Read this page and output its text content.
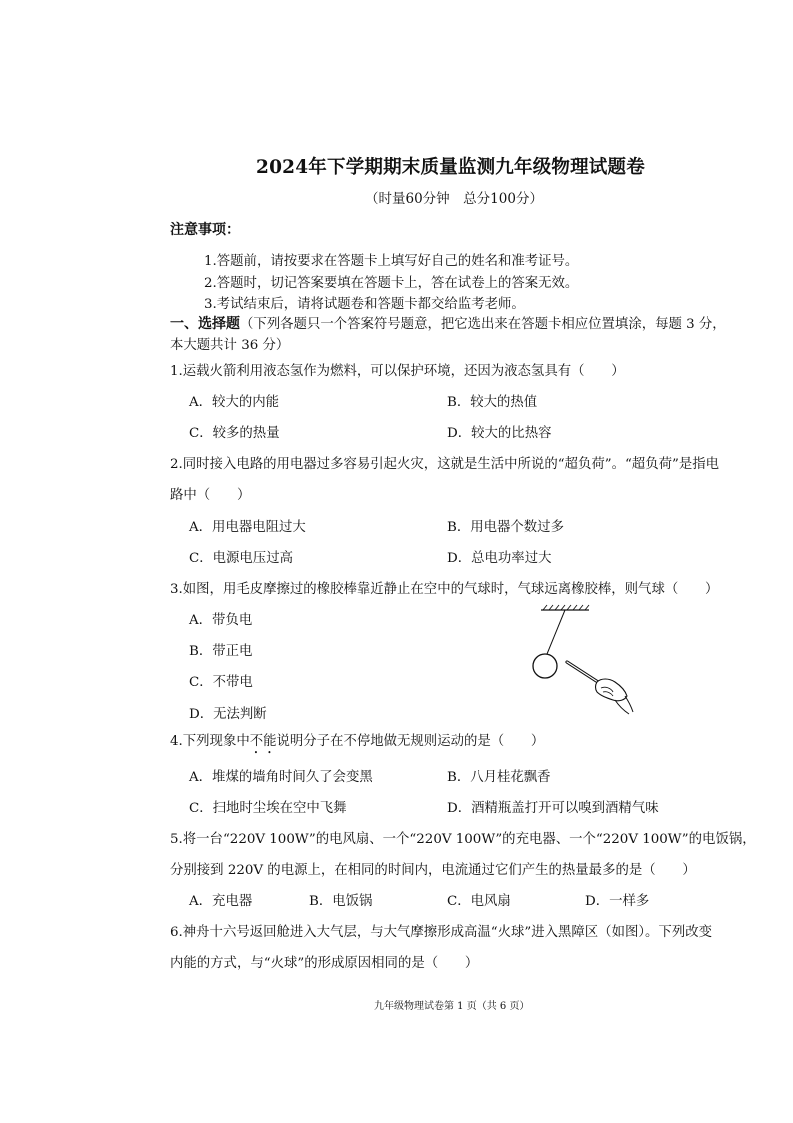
2024年下学期期末质量监测九年级物理试题卷
（时量60分钟　总分100分）
注意事项：
1.答题前，请按要求在答题卡上填写好自己的姓名和准考证号。
2.答题时，切记答案要填在答题卡上，答在试卷上的答案无效。
3.考试结束后，请将试题卷和答题卡都交给监考老师。
一、选择题（下列各题只一个答案符号题意，把它选出来在答题卡相应位置填涂，每题 3 分，
本大题共计 36 分）
1.运载火箭利用液态氢作为燃料，可以保护环境，还因为液态氢具有（　　）
A．较大的内能	B．较大的热值
C．较多的热量	D．较大的比热容
2.同时接入电路的用电器过多容易引起火灾，这就是生活中所说的“超负荷”。“超负荷”是指电
路中（　　）
A．用电器电阻过大	B．用电器个数过多
C．电源电压过高	D．总电功率过大
3.如图，用毛皮摩擦过的橡胶棒靠近静止在空中的气球时，气球远离橡胶棒，则气球（　　）
A．带负电
B．带正电
C．不带电
D．无法判断
4.下列现象中不能说明分子在不停地做无规则运动的是（　　）
A．堆煤的墙角时间久了会变黑	B．八月桂花飘香
C．扫地时尘埃在空中飞舞	D．酒精瓶盖打开可以嗅到酒精气味
5.将一台“220V 100W”的电风扇、一个“220V 100W”的充电器、一个“220V 100W”的电饭锅，
分别接到 220V 的电源上，在相同的时间内，电流通过它们产生的热量最多的是（　　）
A．充电器	B．电饭锅	C．电风扇	D．一样多
6.神舟十六号返回舱进入大气层，与大气摩擦形成高温“火球”进入黑障区（如图）。下列改变
内能的方式，与“火球”的形成原因相同的是（　　）
九年级物理试卷第 1 页（共 6 页）
